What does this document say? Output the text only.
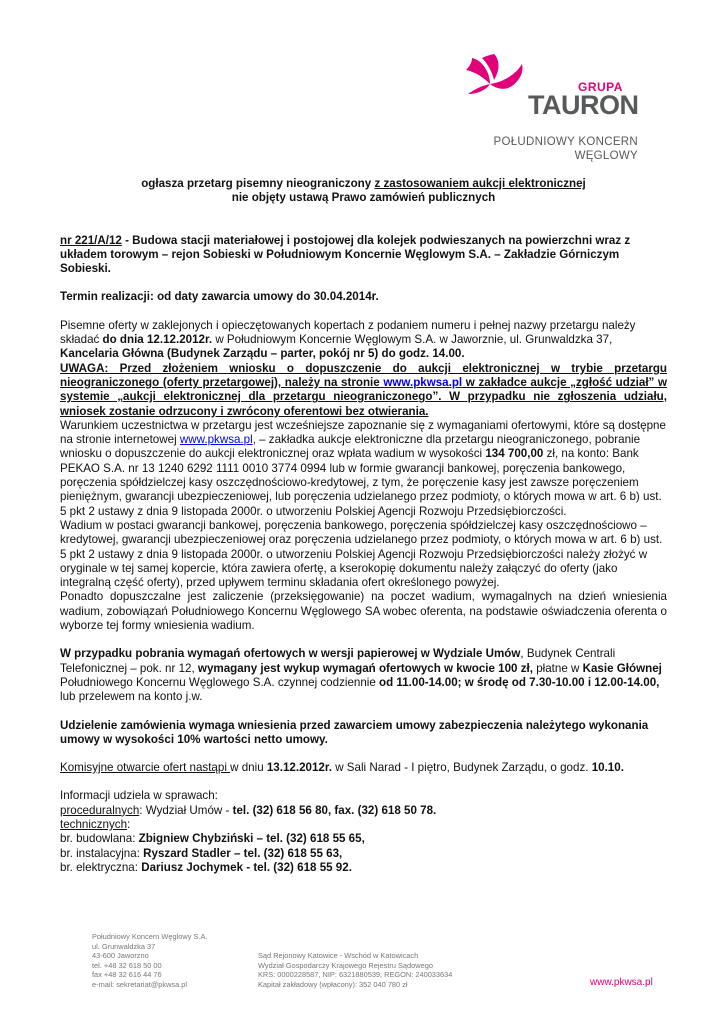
GRUPA
TAURON
POŁUDNIOWY KONCERN
WĘGLOWY

ogłasza przetarg pisemny nieograniczony z zastosowaniem aukcji elektronicznej

nie objęty ustawą Prawo zamówień publicznych

nr 221/A/12 - Budowa stacji materiałowej i postojowej dla kolejek podwieszanych na powierzchni wraz z układem torowym – rejon Sobieski w Południowym Koncernie Węglowym S.A. – Zakładzie Górniczym Sobieski.

Termin realizacji: od daty zawarcia umowy do 30.04.2014r.

Pisemne oferty w zaklejonych i opieczętowanych kopertach z podaniem numeru i pełnej nazwy przetargu należy składać do dnia 12.12.2012r. w Południowym Koncernie Węglowym S.A. w Jaworznie, ul. Grunwaldzka 37, Kancelaria Główna (Budynek Zarządu – parter, pokój nr 5) do godz. 14.00.

UWAGA: Przed złożeniem wniosku o dopuszczenie do aukcji elektronicznej w trybie przetargu nieograniczonego (oferty przetargowej), należy na stronie www.pkwsa.pl w zakładce aukcje „zgłość udział” w systemie „aukcji elektronicznej dla przetargu nieograniczonego”. W przypadku nie zgłoszenia udziału, wniosek zostanie odrzucony i zwrócony oferentowi bez otwierania.

Warunkiem uczestnictwa w przetargu jest wcześniejsze zapoznanie się z wymaganiami ofertowymi, które są dostępne na stronie internetowej www.pkwsa.pl, – zakładka aukcje elektroniczne dla przetargu nieograniczonego, pobranie wniosku o dopuszczenie do aukcji elektronicznej oraz wpłata wadium w wysokości 134 700,00 zł, na konto: Bank PEKAO S.A. nr 13 1240 6292 1111 0010 3774 0994 lub w formie gwarancji bankowej, poręczenia bankowego, poręczenia spółdzielczej kasy oszczędnościowo-kredytowej, z tym, że poręczenie kasy jest zawsze poręczeniem pieniężnym, gwarancji ubezpieczeniowej, lub poręczenia udzielanego przez podmioty, o których mowa w art. 6 b) ust. 5 pkt 2 ustawy z dnia 9 listopada 2000r. o utworzeniu Polskiej Agencji Rozwoju Przedsiębiorczości.

Wadium w postaci gwarancji bankowej, poręczenia bankowego, poręczenia spółdzielczej kasy oszczędnościowo – kredytowej, gwarancji ubezpieczeniowej oraz poręczenia udzielanego przez podmioty, o których mowa w art. 6 b) ust. 5 pkt 2 ustawy z dnia 9 listopada 2000r. o utworzeniu Polskiej Agencji Rozwoju Przedsiębiorczości należy złożyć w oryginale w tej samej kopercie, która zawiera ofertę, a kserokopię dokumentu należy załączyć do oferty (jako integralną część oferty), przed upływem terminu składania ofert określonego powyżej.

Ponadto dopuszczalne jest zaliczenie (przeksięgowanie) na poczet wadium, wymagalnych na dzień wniesienia wadium, zobowiązań Południowego Koncernu Węglowego SA wobec oferenta, na podstawie oświadczenia oferenta o wyborze tej formy wniesienia wadium.

W przypadku pobrania wymagań ofertowych w wersji papierowej w Wydziale Umów, Budynek Centrali Telefonicznej – pok. nr 12, wymagany jest wykup wymagań ofertowych w kwocie 100 zł, płatne w Kasie Głównej Południowego Koncernu Węglowego S.A. czynnej codziennie od 11.00-14.00; w środę od 7.30-10.00 i 12.00-14.00, lub przelewem na konto j.w.

Udzielenie zamówienia wymaga wniesienia przed zawarciem umowy zabezpieczenia należytego wykonania umowy w wysokości 10% wartości netto umowy.

Komisyjne otwarcie ofert nastąpi w dniu 13.12.2012r. w Sali Narad - I piętro, Budynek Zarządu, o godz. 10.10.

Informacji udziela w sprawach:

proceduralnych: Wydział Umów - tel. (32) 618 56 80, fax. (32) 618 50 78.

technicznych:

br. budowlana: Zbigniew Chybziński – tel. (32) 618 55 65,

br. instalacyjna: Ryszard Stadler – tel. (32) 618 55 63,

br. elektryczna: Dariusz Jochymek - tel. (32) 618 55 92.

Południowy Koncern Węglowy S.A.
ul. Grunwaldzka 37
43-600 Jaworzno
tel. +48 32 618 50 00
fax +48 32 616 44 76
e-mail: sekretariat@pkwsa.pl
Sąd Rejonowy Katowice - Wschód w Katowicach
Wydział Gospodarczy Krajowego Rejestru Sądowego
KRS: 0000228587, NIP: 6321880539, REGON: 240033634
Kapitał zakładowy (wpłacony): 352 040 780 zł	www.pkwsa.pl
